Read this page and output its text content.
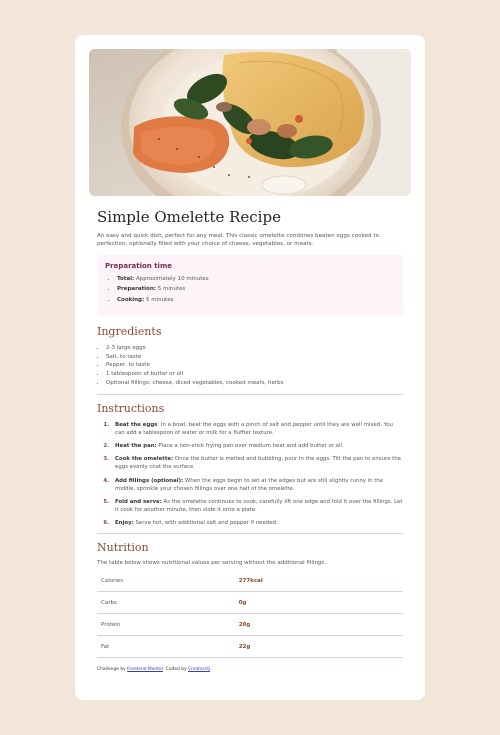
Simple Omelette Recipe

An easy and quick dish, perfect for any meal. This classic omelette combines beaten eggs cooked to perfection, optionally filled with your choice of cheese, vegetables, or meats.

Preparation time
• Total: Approximately 10 minutes
• Preparation: 5 minutes
• Cooking: 5 minutes
Ingredients
• 2-3 large eggs
• Salt, to taste
• Pepper, to taste
• 1 tablespoon of butter or oil
• Optional fillings: cheese, diced vegetables, cooked meats, herbs
Instructions
1. Beat the eggs: In a bowl, beat the eggs with a pinch of salt and pepper until they are well mixed. You can add a tablespoon of water or milk for a fluffier texture.
2. Heat the pan: Place a non-stick frying pan over medium heat and add butter or oil.
3. Cook the omelette: Once the butter is melted and bubbling, pour in the eggs. Tilt the pan to ensure the eggs evenly coat the surface.
4. Add fillings (optional): When the eggs begin to set at the edges but are still slightly runny in the middle, sprinkle your chosen fillings over one half of the omelette.
5. Fold and serve: As the omelette continues to cook, carefully lift one edge and fold it over the fillings. Let it cook for another minute, then slide it onto a plate.
6. Enjoy: Serve hot, with additional salt and pepper if needed.
Nutrition

The table below shows nutritional values per serving without the additional fillings.

Calories	277kcal
Carbs	0g
Protein	20g
Fat	22g
Challenge by Frontend Mentor. Coded by Creator/dj.
